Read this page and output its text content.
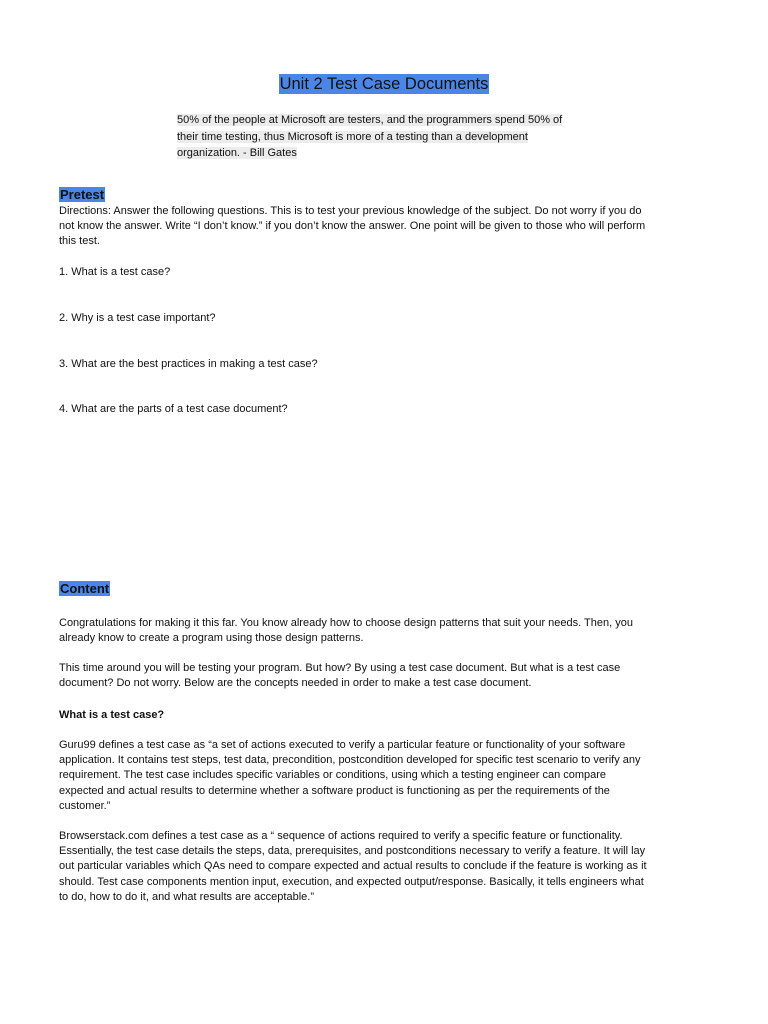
Unit 2 Test Case Documents
50% of the people at Microsoft are testers, and the programmers spend 50% of
their time testing, thus Microsoft is more of a testing than a development
organization. - Bill Gates
Pretest
Directions: Answer the following questions. This is to test your previous knowledge of the subject. Do not worry if you do not know the answer. Write “I don’t know.” if you don’t know the answer. One point will be given to those who will perform this test.
1. What is a test case?
2. Why is a test case important?
3. What are the best practices in making a test case?
4. What are the parts of a test case document?
Content
Congratulations for making it this far. You know already how to choose design patterns that suit your needs. Then, you already know to create a program using those design patterns.
This time around you will be testing your program. But how? By using a test case document. But what is a test case document? Do not worry. Below are the concepts needed in order to make a test case document.
What is a test case?
Guru99 defines a test case as “a set of actions executed to verify a particular feature or functionality of your software application. It contains test steps, test data, precondition, postcondition developed for specific test scenario to verify any requirement. The test case includes specific variables or conditions, using which a testing engineer can compare expected and actual results to determine whether a software product is functioning as per the requirements of the customer.”
Browserstack.com defines a test case as a “ sequence of actions required to verify a specific feature or functionality. Essentially, the test case details the steps, data, prerequisites, and postconditions necessary to verify a feature. It will lay out particular variables which QAs need to compare expected and actual results to conclude if the feature is working as it should. Test case components mention input, execution, and expected output/response. Basically, it tells engineers what to do, how to do it, and what results are acceptable.”
